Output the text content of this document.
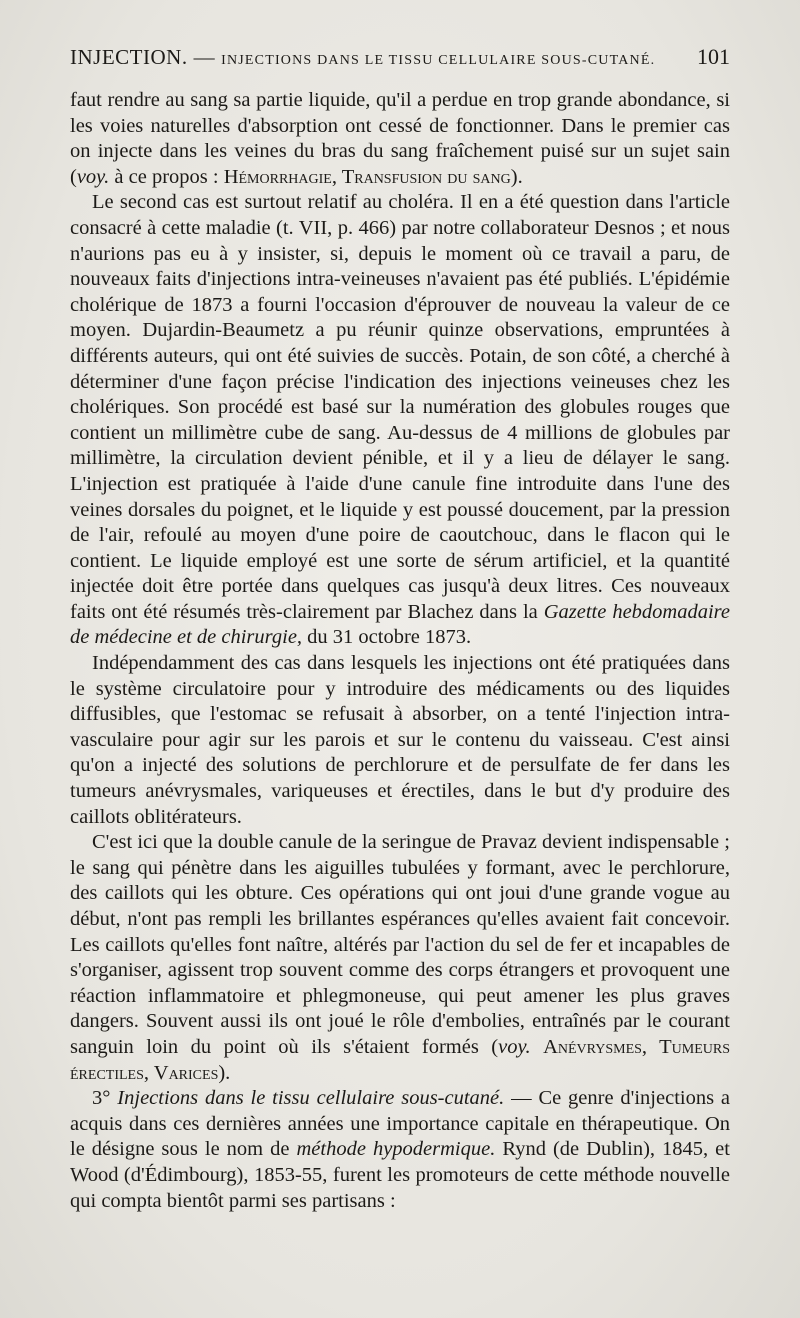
INJECTION. — INJECTIONS DANS LE TISSU CELLULAIRE SOUS-CUTANÉ. 101

faut rendre au sang sa partie liquide, qu'il a perdue en trop grande abondance, si les voies naturelles d'absorption ont cessé de fonctionner. Dans le premier cas on injecte dans les veines du bras du sang fraîchement puisé sur un sujet sain (voy. à ce propos : Hémorrhagie, Transfusion du sang).

Le second cas est surtout relatif au choléra. Il en a été question dans l'article consacré à cette maladie (t. VII, p. 466) par notre collaborateur Desnos ; et nous n'aurions pas eu à y insister, si, depuis le moment où ce travail a paru, de nouveaux faits d'injections intra-veineuses n'avaient pas été publiés. L'épidémie cholérique de 1873 a fourni l'occasion d'éprouver de nouveau la valeur de ce moyen. Dujardin-Beaumetz a pu réunir quinze observations, empruntées à différents auteurs, qui ont été suivies de succès. Potain, de son côté, a cherché à déterminer d'une façon précise l'indication des injections veineuses chez les cholériques. Son procédé est basé sur la numération des globules rouges que contient un millimètre cube de sang. Au-dessus de 4 millions de globules par millimètre, la circulation devient pénible, et il y a lieu de délayer le sang. L'injection est pratiquée à l'aide d'une canule fine introduite dans l'une des veines dorsales du poignet, et le liquide y est poussé doucement, par la pression de l'air, refoulé au moyen d'une poire de caoutchouc, dans le flacon qui le contient. Le liquide employé est une sorte de sérum artificiel, et la quantité injectée doit être portée dans quelques cas jusqu'à deux litres. Ces nouveaux faits ont été résumés très-clairement par Blachez dans la Gazette hebdomadaire de médecine et de chirurgie, du 31 octobre 1873.

Indépendamment des cas dans lesquels les injections ont été pratiquées dans le système circulatoire pour y introduire des médicaments ou des liquides diffusibles, que l'estomac se refusait à absorber, on a tenté l'injection intra-vasculaire pour agir sur les parois et sur le contenu du vaisseau. C'est ainsi qu'on a injecté des solutions de perchlorure et de persulfate de fer dans les tumeurs anévrysmales, variqueuses et érectiles, dans le but d'y produire des caillots oblitérateurs.

C'est ici que la double canule de la seringue de Pravaz devient indispensable ; le sang qui pénètre dans les aiguilles tubulées y formant, avec le perchlorure, des caillots qui les obture. Ces opérations qui ont joui d'une grande vogue au début, n'ont pas rempli les brillantes espérances qu'elles avaient fait concevoir. Les caillots qu'elles font naître, altérés par l'action du sel de fer et incapables de s'organiser, agissent trop souvent comme des corps étrangers et provoquent une réaction inflammatoire et phlegmoneuse, qui peut amener les plus graves dangers. Souvent aussi ils ont joué le rôle d'embolies, entraînés par le courant sanguin loin du point où ils s'étaient formés (voy. Anévrysmes, Tumeurs érectiles, Varices).

3° Injections dans le tissu cellulaire sous-cutané. — Ce genre d'injections a acquis dans ces dernières années une importance capitale en thérapeutique. On le désigne sous le nom de méthode hypodermique. Rynd (de Dublin), 1845, et Wood (d'Édimbourg), 1853-55, furent les promoteurs de cette méthode nouvelle qui compta bientôt parmi ses partisans :
